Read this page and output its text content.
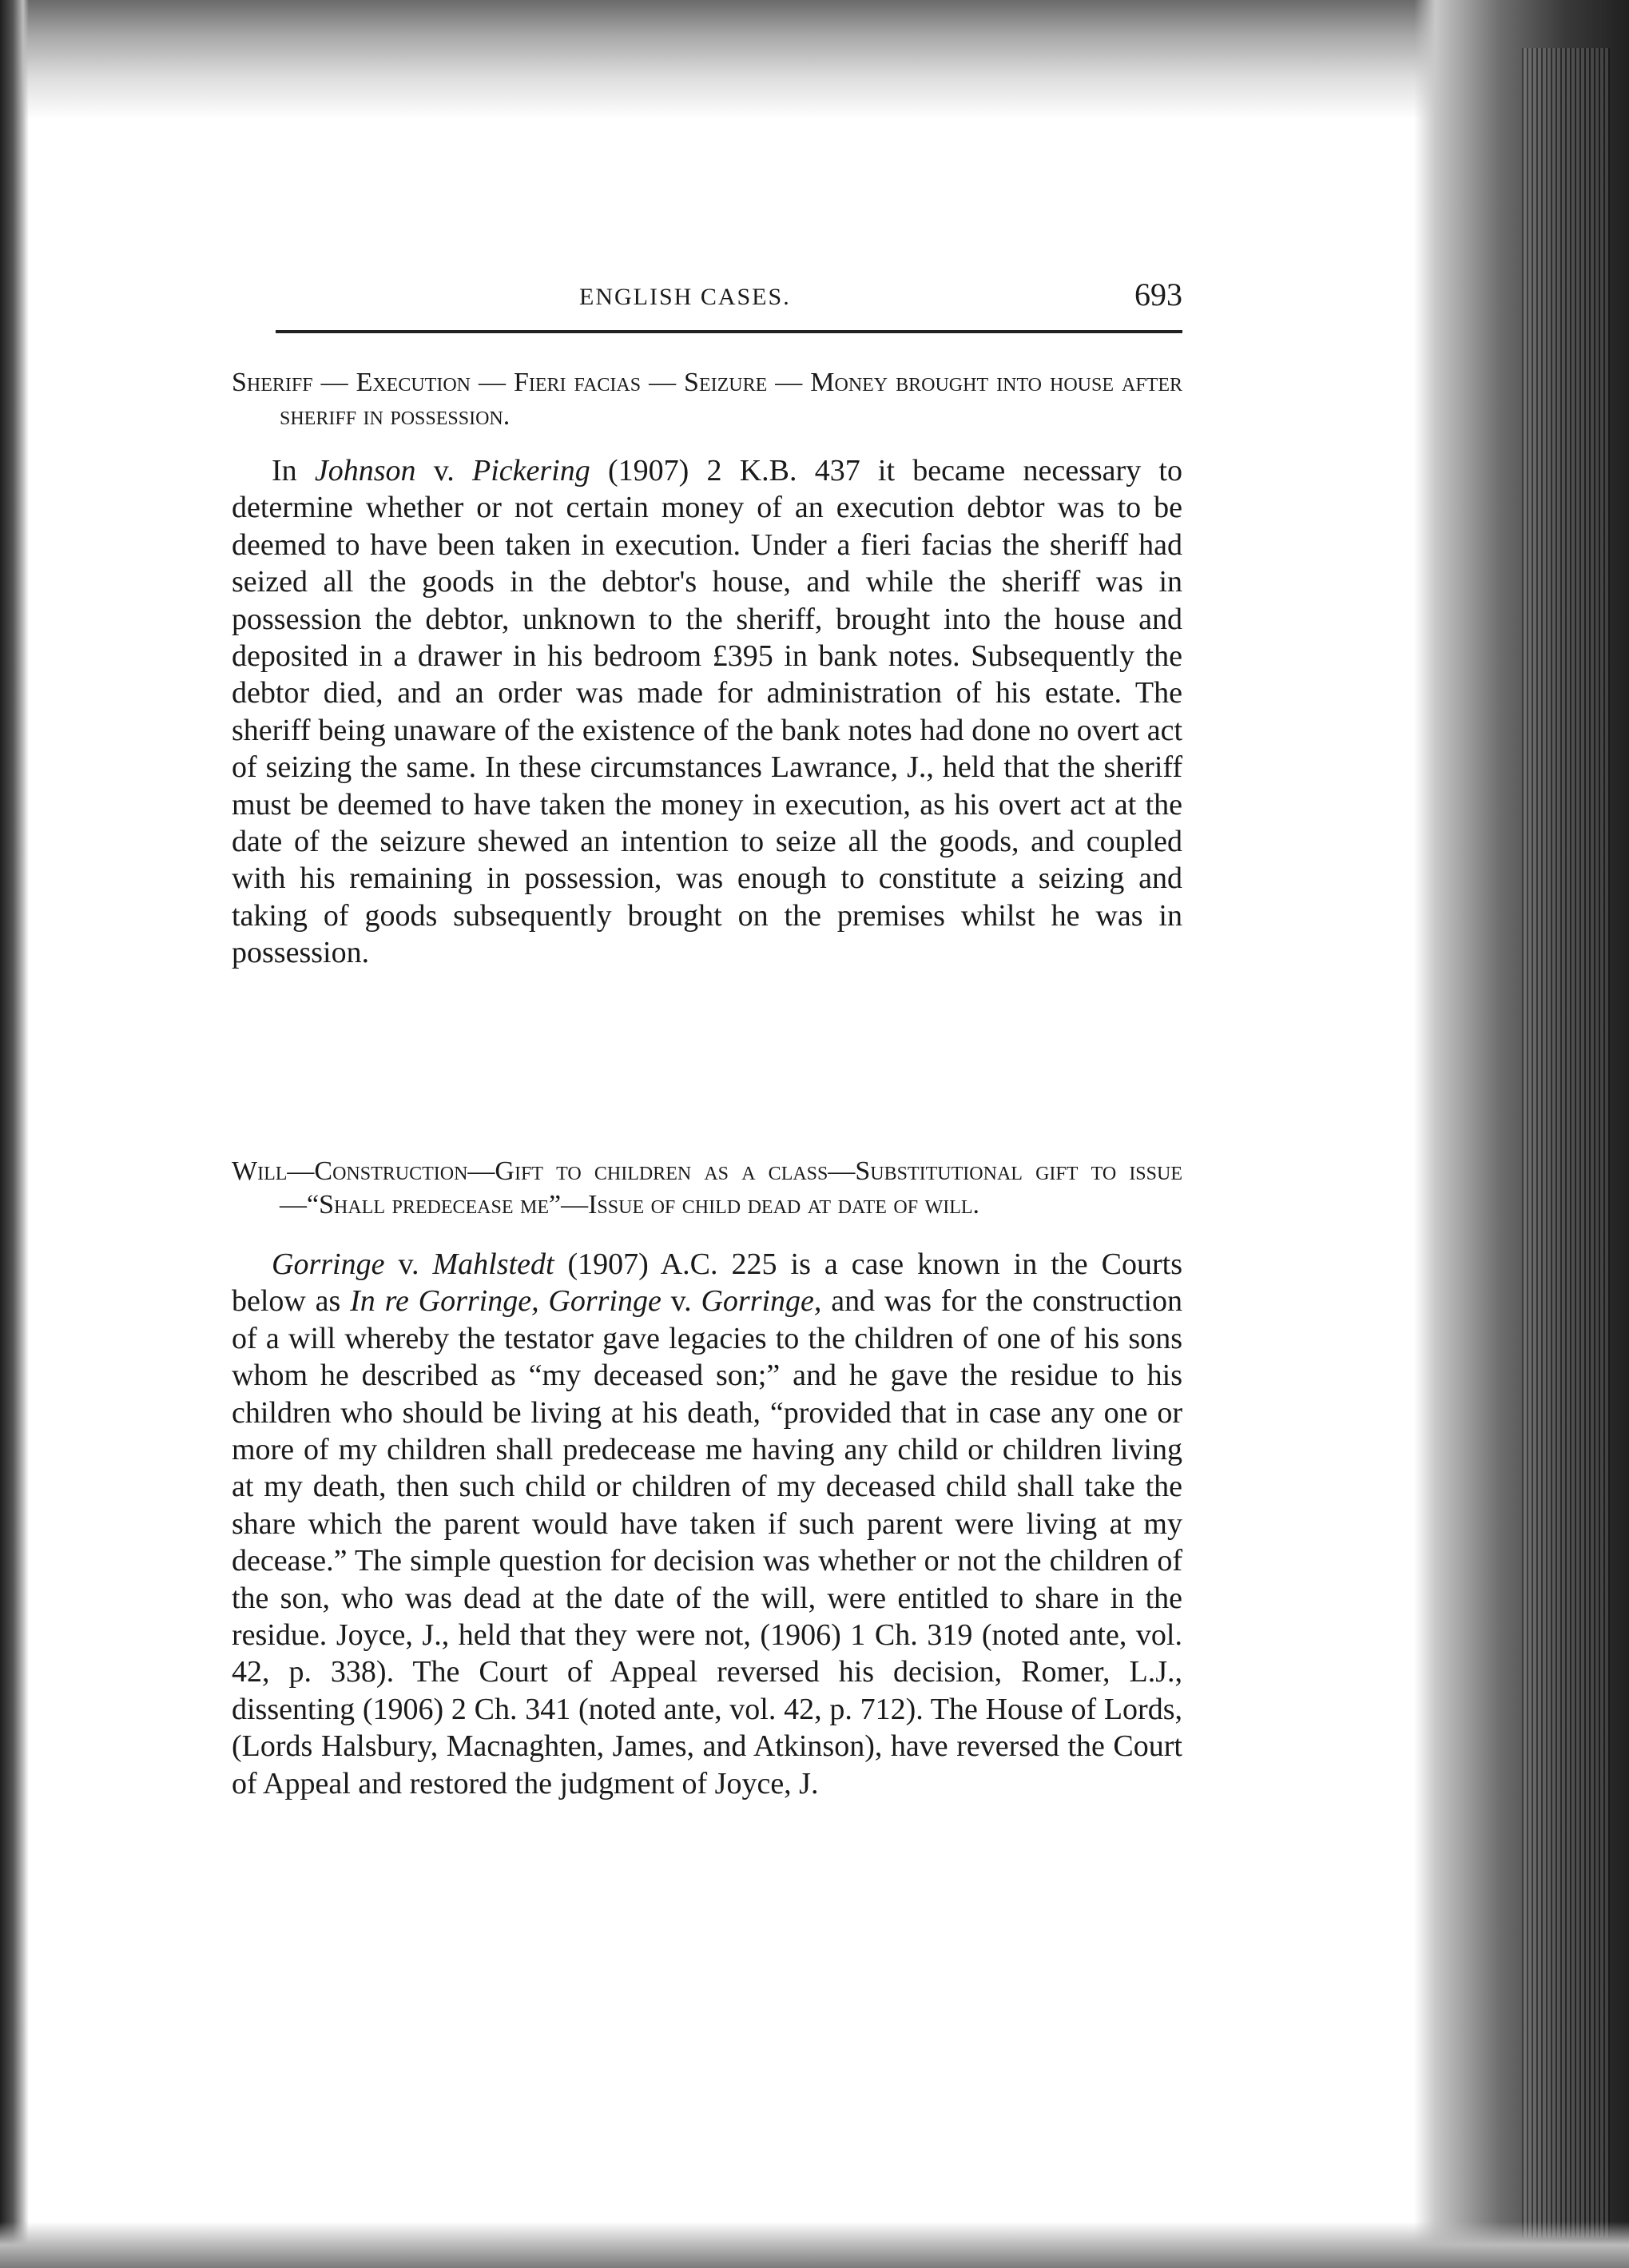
ENGLISH CASES.	693

Sheriff — Execution — Fieri facias — Seizure — Money brought into house after sheriff in possession.

In Johnson v. Pickering (1907) 2 K.B. 437 it became necessary to determine whether or not certain money of an execution debtor was to be deemed to have been taken in execution. Under a fieri facias the sheriff had seized all the goods in the debtor's house, and while the sheriff was in possession the debtor, unknown to the sheriff, brought into the house and deposited in a drawer in his bedroom £395 in bank notes. Subsequently the debtor died, and an order was made for administration of his estate. The sheriff being unaware of the existence of the bank notes had done no overt act of seizing the same. In these circumstances Lawrance, J., held that the sheriff must be deemed to have taken the money in execution, as his overt act at the date of the seizure shewed an intention to seize all the goods, and coupled with his remaining in possession, was enough to constitute a seizing and taking of goods subsequently brought on the premises whilst he was in possession.

Will—Construction—Gift to children as a class—Substitutional gift to issue—“Shall predecease me”—Issue of child dead at date of will.

Gorringe v. Mahlstedt (1907) A.C. 225 is a case known in the Courts below as In re Gorringe, Gorringe v. Gorringe, and was for the construction of a will whereby the testator gave legacies to the children of one of his sons whom he described as “my deceased son;” and he gave the residue to his children who should be living at his death, “provided that in case any one or more of my children shall predecease me having any child or children living at my death, then such child or children of my deceased child shall take the share which the parent would have taken if such parent were living at my decease.” The simple question for decision was whether or not the children of the son, who was dead at the date of the will, were entitled to share in the residue. Joyce, J., held that they were not, (1906) 1 Ch. 319 (noted ante, vol. 42, p. 338). The Court of Appeal reversed his decision, Romer, L.J., dissenting (1906) 2 Ch. 341 (noted ante, vol. 42, p. 712). The House of Lords, (Lords Halsbury, Macnaghten, James, and Atkinson), have reversed the Court of Appeal and restored the judgment of Joyce, J.
